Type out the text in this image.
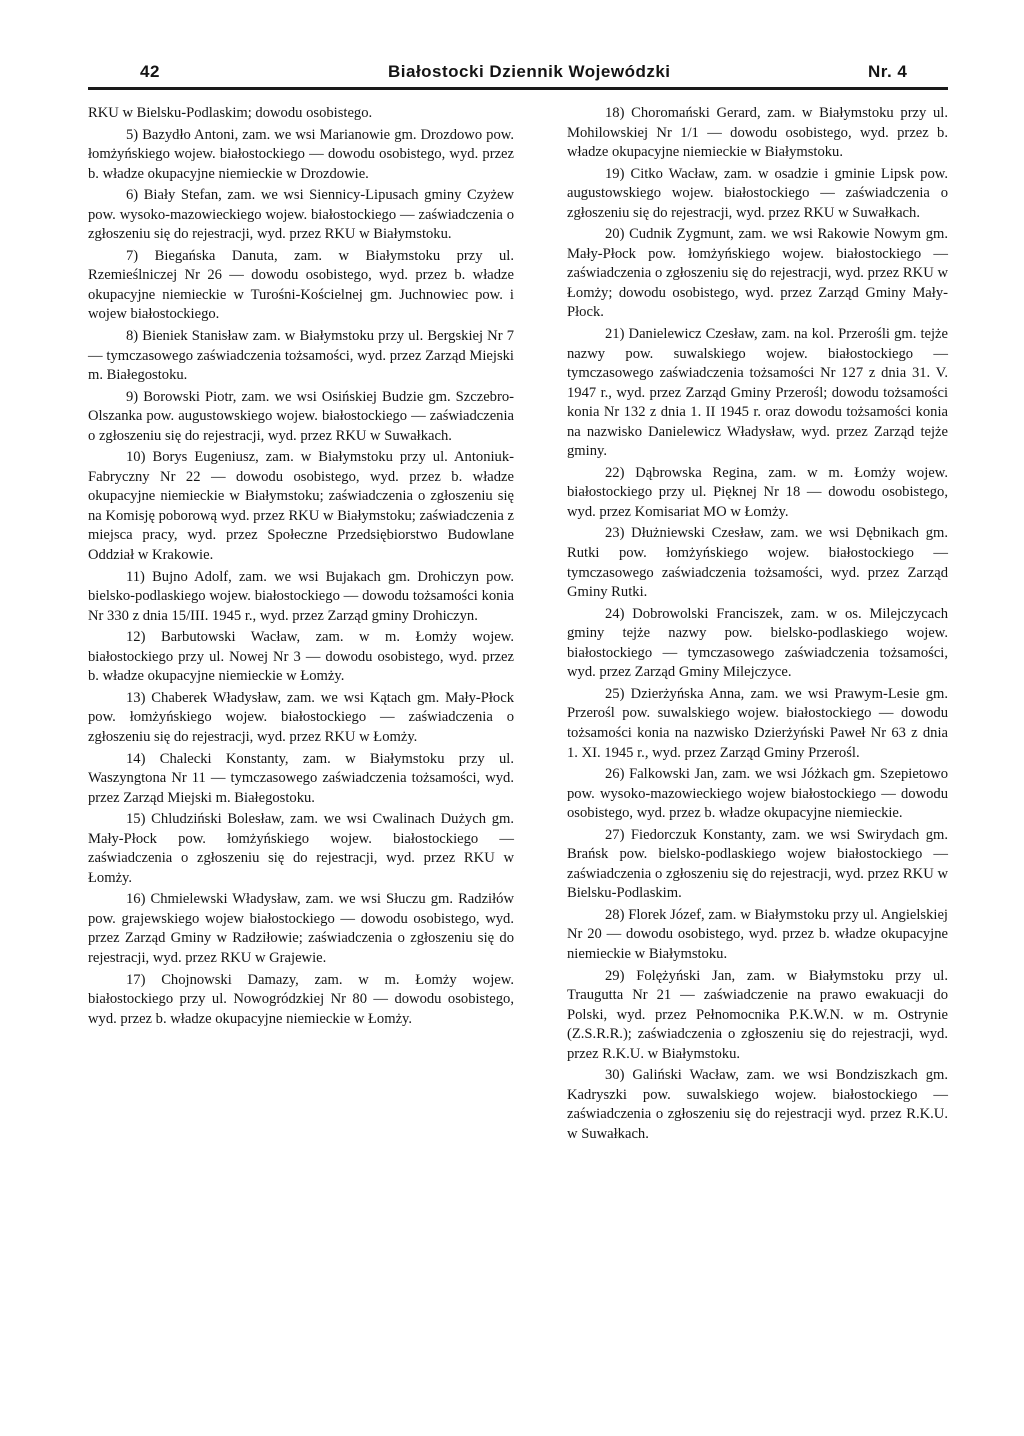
42	Białostocki Dziennik Wojewódzki	Nr. 4

RKU w Bielsku-Podlaskim; dowodu osobistego.

5) Bazydło Antoni, zam. we wsi Marianowie gm. Drozdowo pow. łomżyńskiego wojew. białostockiego — dowodu osobistego, wyd. przez b. władze okupacyjne niemieckie w Drozdowie.

6) Biały Stefan, zam. we wsi Siennicy-Lipusach gminy Czyżew pow. wysoko-mazowieckiego wojew. białostockiego — zaświadczenia o zgłoszeniu się do rejestracji, wyd. przez RKU w Białymstoku.

7) Biegańska Danuta, zam. w Białymstoku przy ul. Rzemieślniczej Nr 26 — dowodu osobistego, wyd. przez b. władze okupacyjne niemieckie w Turośni-Kościelnej gm. Juchnowiec pow. i wojew białostockiego.

8) Bieniek Stanisław zam. w Białymstoku przy ul. Bergskiej Nr 7 — tymczasowego zaświadczenia tożsamości, wyd. przez Zarząd Miejski m. Białegostoku.

9) Borowski Piotr, zam. we wsi Osińskiej Budzie gm. Szczebro-Olszanka pow. augustowskiego wojew. białostockiego — zaświadczenia o zgłoszeniu się do rejestracji, wyd. przez RKU w Suwałkach.

10) Borys Eugeniusz, zam. w Białymstoku przy ul. Antoniuk-Fabryczny Nr 22 — dowodu osobistego, wyd. przez b. władze okupacyjne niemieckie w Białymstoku; zaświadczenia o zgłoszeniu się na Komisję poborową wyd. przez RKU w Białymstoku; zaświadczenia z miejsca pracy, wyd. przez Społeczne Przedsiębiorstwo Budowlane Oddział w Krakowie.

11) Bujno Adolf, zam. we wsi Bujakach gm. Drohiczyn pow. bielsko-podlaskiego wojew. białostockiego — dowodu tożsamości konia Nr 330 z dnia 15/III. 1945 r., wyd. przez Zarząd gminy Drohiczyn.

12) Barbutowski Wacław, zam. w m. Łomży wojew. białostockiego przy ul. Nowej Nr 3 — dowodu osobistego, wyd. przez b. władze okupacyjne niemieckie w Łomży.

13) Chaberek Władysław, zam. we wsi Kątach gm. Mały-Płock pow. łomżyńskiego wojew. białostockiego — zaświadczenia o zgłoszeniu się do rejestracji, wyd. przez RKU w Łomży.

14) Chalecki Konstanty, zam. w Białymstoku przy ul. Waszyngtona Nr 11 — tymczasowego zaświadczenia tożsamości, wyd. przez Zarząd Miejski m. Białegostoku.

15) Chludziński Bolesław, zam. we wsi Cwalinach Dużych gm. Mały-Płock pow. łomżyńskiego wojew. białostockiego — zaświadczenia o zgłoszeniu się do rejestracji, wyd. przez RKU w Łomży.

16) Chmielewski Władysław, zam. we wsi Słuczu gm. Radziłów pow. grajewskiego wojew białostockiego — dowodu osobistego, wyd. przez Zarząd Gminy w Radziłowie; zaświadczenia o zgłoszeniu się do rejestracji, wyd. przez RKU w Grajewie.

17) Chojnowski Damazy, zam. w m. Łomży wojew. białostockiego przy ul. Nowogródzkiej Nr 80 — dowodu osobistego, wyd. przez b. władze okupacyjne niemieckie w Łomży.

18) Choromański Gerard, zam. w Białymstoku przy ul. Mohilowskiej Nr 1/1 — dowodu osobistego, wyd. przez b. władze okupacyjne niemieckie w Białymstoku.

19) Citko Wacław, zam. w osadzie i gminie Lipsk pow. augustowskiego wojew. białostockiego — zaświadczenia o zgłoszeniu się do rejestracji, wyd. przez RKU w Suwałkach.

20) Cudnik Zygmunt, zam. we wsi Rakowie Nowym gm. Mały-Płock pow. łomżyńskiego wojew. białostockiego — zaświadczenia o zgłoszeniu się do rejestracji, wyd. przez RKU w Łomży; dowodu osobistego, wyd. przez Zarząd Gminy Mały-Płock.

21) Danielewicz Czesław, zam. na kol. Przerośli gm. tejże nazwy pow. suwalskiego wojew. białostockiego — tymczasowego zaświadczenia tożsamości Nr 127 z dnia 31. V. 1947 r., wyd. przez Zarząd Gminy Przerośl; dowodu tożsamości konia Nr 132 z dnia 1. II 1945 r. oraz dowodu tożsamości konia na nazwisko Danielewicz Władysław, wyd. przez Zarząd tejże gminy.

22) Dąbrowska Regina, zam. w m. Łomży wojew. białostockiego przy ul. Pięknej Nr 18 — dowodu osobistego, wyd. przez Komisariat MO w Łomży.

23) Dłużniewski Czesław, zam. we wsi Dębnikach gm. Rutki pow. łomżyńskiego wojew. białostockiego — tymczasowego zaświadczenia tożsamości, wyd. przez Zarząd Gminy Rutki.

24) Dobrowolski Franciszek, zam. w os. Milejczycach gminy tejże nazwy pow. bielsko-podlaskiego wojew. białostockiego — tymczasowego zaświadczenia tożsamości, wyd. przez Zarząd Gminy Milejczyce.

25) Dzierżyńska Anna, zam. we wsi Prawym-Lesie gm. Przerośl pow. suwalskiego wojew. białostockiego — dowodu tożsamości konia na nazwisko Dzierżyński Paweł Nr 63 z dnia 1. XI. 1945 r., wyd. przez Zarząd Gminy Przerośl.

26) Falkowski Jan, zam. we wsi Jóżkach gm. Szepietowo pow. wysoko-mazowieckiego wojew białostockiego — dowodu osobistego, wyd. przez b. władze okupacyjne niemieckie.

27) Fiedorczuk Konstanty, zam. we wsi Swirydach gm. Brańsk pow. bielsko-podlaskiego wojew białostockiego — zaświadczenia o zgłoszeniu się do rejestracji, wyd. przez RKU w Bielsku-Podlaskim.

28) Florek Józef, zam. w Białymstoku przy ul. Angielskiej Nr 20 — dowodu osobistego, wyd. przez b. władze okupacyjne niemieckie w Białymstoku.

29) Folężyński Jan, zam. w Białymstoku przy ul. Traugutta Nr 21 — zaświadczenie na prawo ewakuacji do Polski, wyd. przez Pełnomocnika P.K.W.N. w m. Ostrynie (Z.S.R.R.); zaświadczenia o zgłoszeniu się do rejestracji, wyd. przez R.K.U. w Białymstoku.

30) Galiński Wacław, zam. we wsi Bondziszkach gm. Kadryszki pow. suwalskiego wojew. białostockiego — zaświadczenia o zgłoszeniu się do rejestracji wyd. przez R.K.U. w Suwałkach.
